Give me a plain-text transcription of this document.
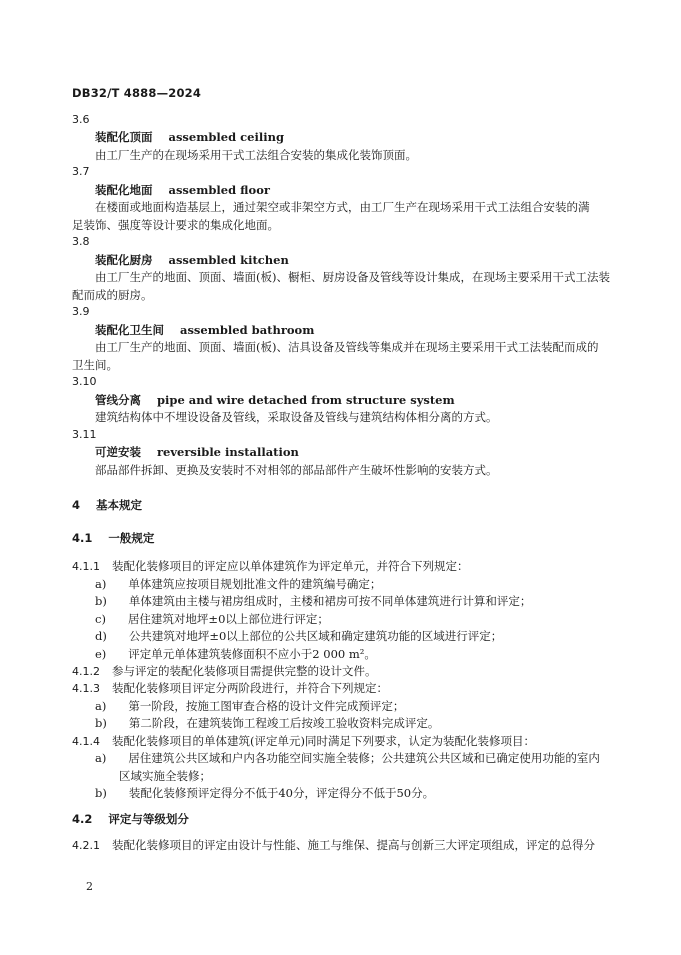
DB32/T 4888—2024
3.6
装配化顶面 assembled ceiling
由工厂生产的在现场采用干式工法组合安装的集成化装饰顶面。
3.7
装配化地面 assembled floor
在楼面或地面构造基层上，通过架空或非架空方式，由工厂生产在现场采用干式工法组合安装的满
足装饰、强度等设计要求的集成化地面。
3.8
装配化厨房 assembled kitchen
由工厂生产的地面、顶面、墙面(板)、橱柜、厨房设备及管线等设计集成，在现场主要采用干式工法装
配而成的厨房。
3.9
装配化卫生间 assembled bathroom
由工厂生产的地面、顶面、墙面(板)、洁具设备及管线等集成并在现场主要采用干式工法装配而成的
卫生间。
3.10
管线分离 pipe and wire detached from structure system
建筑结构体中不埋设设备及管线，采取设备及管线与建筑结构体相分离的方式。
3.11
可逆安装 reversible installation
部品部件拆卸、更换及安装时不对相邻的部品部件产生破坏性影响的安装方式。
4 基本规定
4.1 一般规定
4.1.1 装配化装修项目的评定应以单体建筑作为评定单元，并符合下列规定：
a) 单体建筑应按项目规划批准文件的建筑编号确定；
b) 单体建筑由主楼与裙房组成时，主楼和裙房可按不同单体建筑进行计算和评定；
c) 居住建筑对地坪±0以上部位进行评定；
d) 公共建筑对地坪±0以上部位的公共区域和确定建筑功能的区域进行评定；
e) 评定单元单体建筑装修面积不应小于2 000 m²。
4.1.2 参与评定的装配化装修项目需提供完整的设计文件。
4.1.3 装配化装修项目评定分两阶段进行，并符合下列规定：
a) 第一阶段，按施工图审查合格的设计文件完成预评定；
b) 第二阶段，在建筑装饰工程竣工后按竣工验收资料完成评定。
4.1.4 装配化装修项目的单体建筑(评定单元)同时满足下列要求，认定为装配化装修项目：
a) 居住建筑公共区域和户内各功能空间实施全装修；公共建筑公共区域和已确定使用功能的室内
区域实施全装修；
b) 装配化装修预评定得分不低于40分，评定得分不低于50分。
4.2 评定与等级划分
4.2.1 装配化装修项目的评定由设计与性能、施工与维保、提高与创新三大评定项组成，评定的总得分
2
